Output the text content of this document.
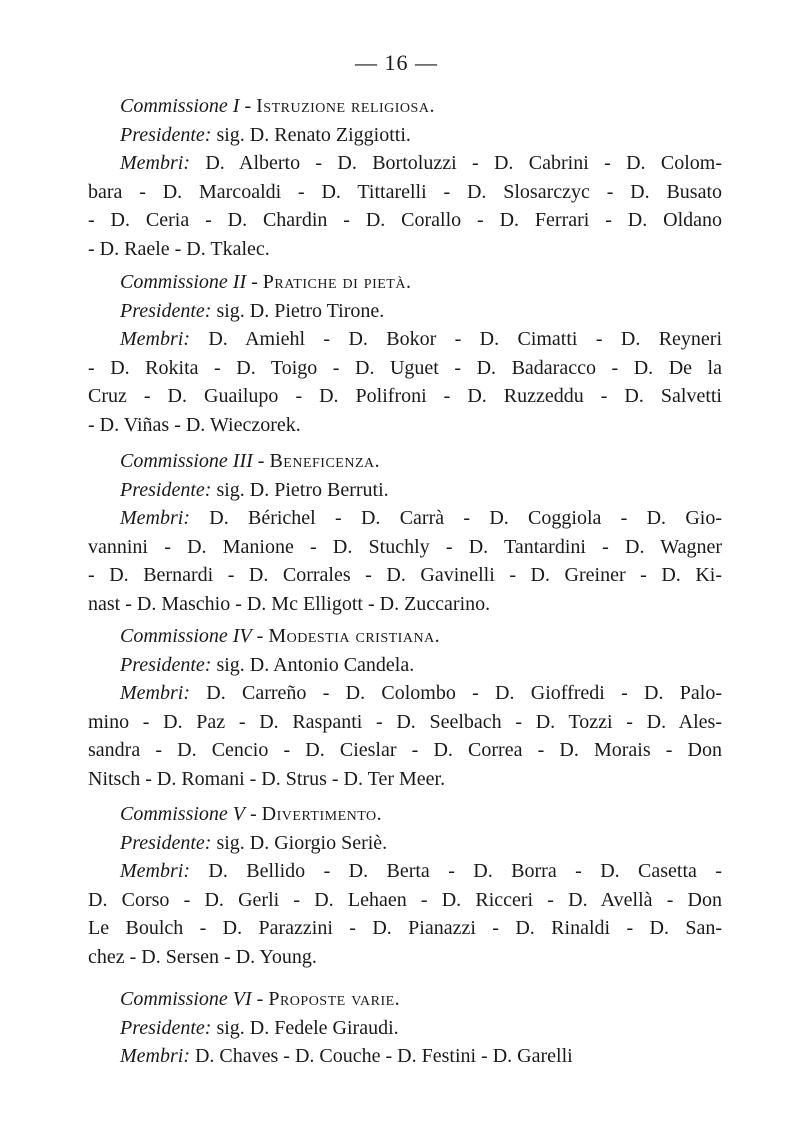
— 16 —

Commissione I - Istruzione religiosa.

Presidente: sig. D. Renato Ziggiotti.

Membri: D. Alberto - D. Bortoluzzi - D. Cabrini - D. Colom-
bara - D. Marcoaldi - D. Tittarelli - D. Slosarczyc - D. Busato
- D. Ceria - D. Chardin - D. Corallo - D. Ferrari - D. Oldano
- D. Raele - D. Tkalec.

Commissione II - Pratiche di pietà.

Presidente: sig. D. Pietro Tirone.

Membri: D. Amiehl - D. Bokor - D. Cimatti - D. Reyneri
- D. Rokita - D. Toigo - D. Uguet - D. Badaracco - D. De la
Cruz - D. Guailupo - D. Polifroni - D. Ruzzeddu - D. Salvetti
- D. Viñas - D. Wieczorek.

Commissione III - Beneficenza.

Presidente: sig. D. Pietro Berruti.

Membri: D. Bérichel - D. Carrà - D. Coggiola - D. Gio-
vannini - D. Manione - D. Stuchly - D. Tantardini - D. Wagner
- D. Bernardi - D. Corrales - D. Gavinelli - D. Greiner - D. Ki-
nast - D. Maschio - D. Mc Elligott - D. Zuccarino.

Commissione IV - Modestia cristiana.

Presidente: sig. D. Antonio Candela.

Membri: D. Carreño - D. Colombo - D. Gioffredi - D. Palo-
mino - D. Paz - D. Raspanti - D. Seelbach - D. Tozzi - D. Ales-
sandra - D. Cencio - D. Cieslar - D. Correa - D. Morais - Don
Nitsch - D. Romani - D. Strus - D. Ter Meer.

Commissione V - Divertimento.

Presidente: sig. D. Giorgio Seriè.

Membri: D. Bellido - D. Berta - D. Borra - D. Casetta -
D. Corso - D. Gerli - D. Lehaen - D. Ricceri - D. Avellà - Don
Le Boulch - D. Parazzini - D. Pianazzi - D. Rinaldi - D. San-
chez - D. Sersen - D. Young.

Commissione VI - Proposte varie.

Presidente: sig. D. Fedele Giraudi.

Membri: D. Chaves - D. Couche - D. Festini - D. Garelli
